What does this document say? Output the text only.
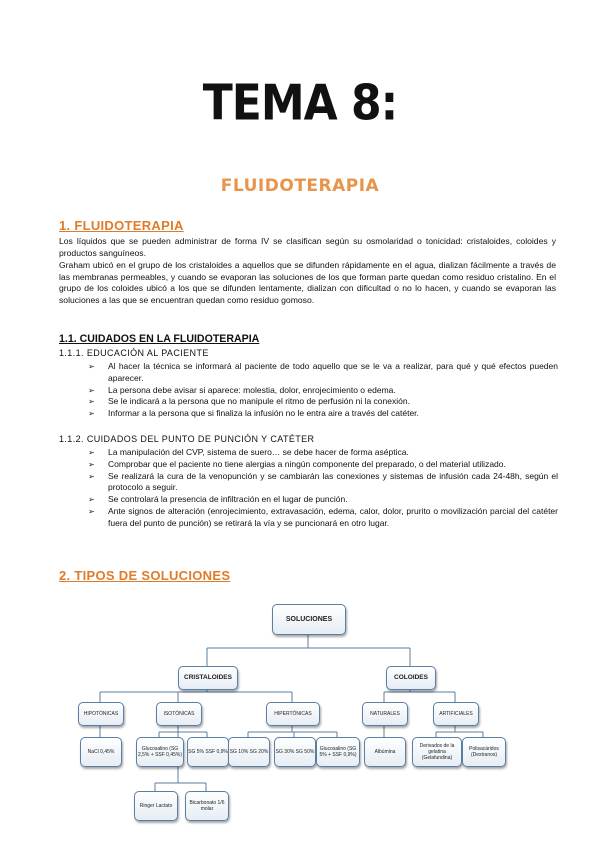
TEMA 8:
FLUIDOTERAPIA
1. FLUIDOTERAPIA

Los líquidos que se pueden administrar de forma IV se clasifican según su osmolaridad o tonicidad: cristaloides, coloides y productos sanguíneos.

Graham ubicó en el grupo de los cristaloides a aquellos que se difunden rápidamente en el agua, dializan fácilmente a través de las membranas permeables, y cuando se evaporan las soluciones de los que forman parte quedan como residuo cristalino. En el grupo de los coloides ubicó a los que se difunden lentamente, dializan con dificultad o no lo hacen, y cuando se evaporan las soluciones a las que se encuentran quedan como residuo gomoso.

1.1. CUIDADOS EN LA FLUIDOTERAPIA
1.1.1. EDUCACIÓN AL PACIENTE
➢ Al hacer la técnica se informará al paciente de todo aquello que se le va a realizar, para qué y qué efectos pueden aparecer.
➢ La persona debe avisar si aparece: molestia, dolor, enrojecimiento o edema.
➢ Se le indicará a la persona que no manipule el ritmo de perfusión ni la conexión.
➢ Informar a la persona que si finaliza la infusión no le entra aire a través del catéter.
1.1.2. CUIDADOS DEL PUNTO DE PUNCIÓN Y CATÉTER
➢ La manipulación del CVP, sistema de suero… se debe hacer de forma aséptica.
➢ Comprobar que el paciente no tiene alergias a ningún componente del preparado, o del material utilizado.
➢ Se realizará la cura de la venopunción y se cambiarán las conexiones y sistemas de infusión cada 24-48h, según el protocolo a seguir.
➢ Se controlará la presencia de infiltración en el lugar de punción.
➢ Ante signos de alteración (enrojecimiento, extravasación, edema, calor, dolor, prurito o movilización parcial del catéter fuera del punto de punción) se retirará la vía y se puncionará en otro lugar.
2. TIPOS DE SOLUCIONES
SOLUCIONES
CRISTALOIDES	COLOIDES
HIPOTÓNICAS	ISOTÓNICAS	HIPERTÓNICAS	NATURALES	ARTIFICIALES
NaCl 0,45%	Glucosalino (SG 2,5% + SSF 0,45%)	SG 5% SSF 0,9% SG 10% SG 20%	SG 30% SG 50%	Glucosalino (SG 5% + SSF 0,9%)	Albúmina
Derivados de la gelatina (Gelafundina)
Polisacáridos (Dextranos)
Ringer Lactato	Bicarbonato 1/6 molar
